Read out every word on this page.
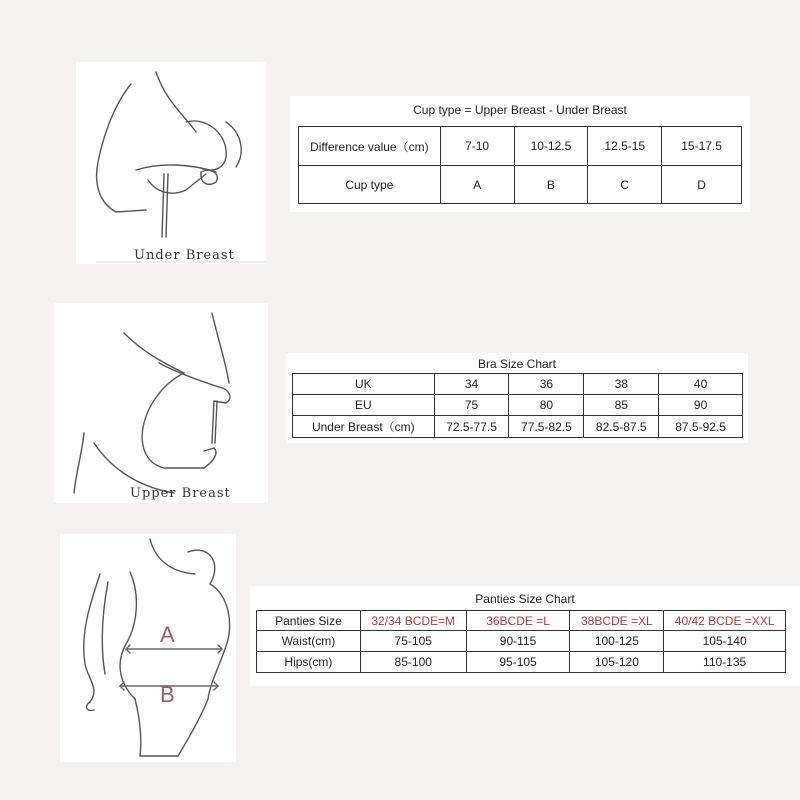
Under Breast
Cup type = Upper Breast - Under Breast
Difference value（cm)	7-10	10-12.5	12.5-15	15-17.5
Cup type	A	B	C	D
Upper Breast
Bra Size Chart
UK	34	36	38	40
EU	75	80	85	90
Under Breast（cm)	72.5-77.5	77.5-82.5	82.5-87.5	87.5-92.5
A
B
Panties Size Chart
Panties Size	32/34 BCDE=M	36BCDE =L	38BCDE =XL	40/42 BCDE =XXL
Waist(cm)	75-105	90-115	100-125	105-140
Hips(cm)	85-100	95-105	105-120	110-135
